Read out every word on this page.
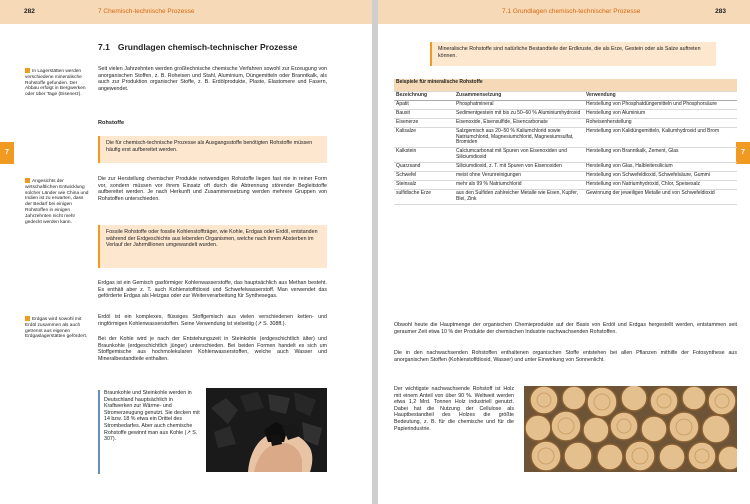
282	7 Chemisch-technische Prozesse
7
In Lagerstätten werden verschiedene mineralische Rohstoffe gefunden. Der Abbau erfolgt in Bergwerken oder über Tage (Eisenerz).
Angesichts der wirtschaftlichen Entwicklung solcher Länder wie China und Indien ist zu erwarten, dass der Bedarf bei einigen Rohstoffen in einigen Jahrzehnten nicht mehr gedeckt werden kann.
Erdgas wird sowohl mit Erdöl zusammen als auch getrennt aus eigenen Erdgaslagerstätten gefördert.
7.1 Grundlagen chemisch-technischer Prozesse
Seit vielen Jahrzehnten werden großtechnische chemische Verfahren sowohl zur Erzeugung von anorganischen Stoffen, z. B. Roheisen und Stahl, Aluminium, Düngemitteln oder Branntkalk, als auch zur Produktion organischer Stoffe, z. B. Erdölprodukte, Plaste, Elastomere und Fasern, angewendet.
Rohstoffe
Die für chemisch-technische Prozesse als Ausgangsstoffe benötigten Rohstoffe müssen häufig erst aufbereitet werden.
Die zur Herstellung chemischer Produkte notwendigen Rohstoffe liegen fast nie in reiner Form vor, sondern müssen vor ihrem Einsatz oft durch die Abtrennung störender Begleitstoffe aufbereitet werden. Je nach Herkunft und Zusammensetzung werden mehrere Gruppen von Rohstoffen unterschieden.
Fossile Rohstoffe oder fossile Kohlenstoffträger, wie Kohle, Erdgas oder Erdöl, entstanden während der Erdgeschichte aus lebenden Organismen, welche nach ihrem Absterben im Verlauf der Jahrmillionen umgewandelt wurden.
Erdgas ist ein Gemisch gasförmiger Kohlenwasserstoffe, das hauptsächlich aus Methan besteht. Es enthält aber z. T. auch Kohlenstoffdioxid und Schwefelwasserstoff. Man verwendet das geförderte Erdgas als Heizgas oder zur Weiterverarbeitung für Synthesegas.
Erdöl ist ein komplexes, flüssiges Stoffgemisch aus vielen verschiedenen ketten- und ringförmigen Kohlenwasserstoffen. Seine Verwendung ist vielseitig (↗ S. 308ff.).
Bei der Kohle wird je nach der Entstehungszeit in Steinkohle (erdgeschichtlich älter) und Braunkohle (erdgeschichtlich jünger) unterschieden. Bei beiden Formen handelt es sich um Stoffgemische aus hochmolekularen Kohlenwasserstoffen, welche auch Wasser und Mineralbestandteile enthalten.
Braunkohle und Steinkohle werden in Deutschland hauptsächlich in Kraftwerken zur Wärme- und Stromerzeugung genutzt. Sie decken mit 14 bzw. 18 % etwa ein Drittel des Strombedarfes. Aber auch chemische Rohstoffe gewinnt man aus Kohle (↗ S. 307).
7.1 Grundlagen chemisch-technischer Prozesse	283
7
Mineralische Rohstoffe sind natürliche Bestandteile der Erdkruste, die als Erze, Gestein oder als Salze auftreten können.
Beispiele für mineralische Rohstoffe		
Bezeichnung	Zusammensetzung	Verwendung
Apatit	Phosphatmineral	Herstellung von Phosphatdüngemitteln und Phosphorsäure
Bauxit	Sedimentgestein mit bis zu 50–60 % Aluminiumhydroxid	Herstellung von Aluminium
Eisenerze	Eisenoxide, Eisensulfide, Eisencarbonate	Roheisenherstellung
Kalisalze	Salzgemisch aus 20–50 % Kaliumchlorid sowie Natriumchlorid, Magnesiumchlorid, Magnesiumsulfat, Bromiden	Herstellung von Kalidüngemitteln, Kaliumhydroxid und Brom
Kalkstein	Calciumcarbonat mit Spuren von Eisenoxiden und Siliciumdioxid	Herstellung von Branntkalk, Zement, Glas
Quarzsand	Siliciumdioxid, z. T. mit Spuren von Eisenoxiden	Herstellung von Glas, Halbleitersilicium
Schwefel	meist ohne Verunreinigungen	Herstellung von Schwefeldioxid, Schwefelsäure, Gummi
Steinsalz	mehr als 99 % Natriumchlorid	Herstellung von Natriumhydroxid, Chlor, Speisesalz
sulfidische Erze	aus den Sulfiden zahlreicher Metalle wie Eisen, Kupfer, Blei, Zink	Gewinnung der jeweiligen Metalle und von Schwefeldioxid
Obwohl heute die Hauptmenge der organischen Chemieprodukte auf der Basis von Erdöl und Erdgas hergestellt werden, entstammen seit geraumer Zeit etwa 10 % der Produkte der chemischen Industrie nachwachsenden Rohstoffen.
Die in den nachwachsenden Rohstoffen enthaltenen organischen Stoffe entstehen bei allen Pflanzen mithilfe der Fotosynthese aus anorganischen Stoffen (Kohlenstoffdioxid, Wasser) und unter Einwirkung von Sonnenlicht.
Der wichtigste nachwachsende Rohstoff ist Holz mit einem Anteil von über 90 %. Weltweit werden etwa 1,2 Mrd. Tonnen Holz industriell genutzt. Dabei hat die Nutzung der Cellulose als Hauptbestandteil des Holzes die größte Bedeutung, z. B. für die chemische und für die Papierindustrie.
